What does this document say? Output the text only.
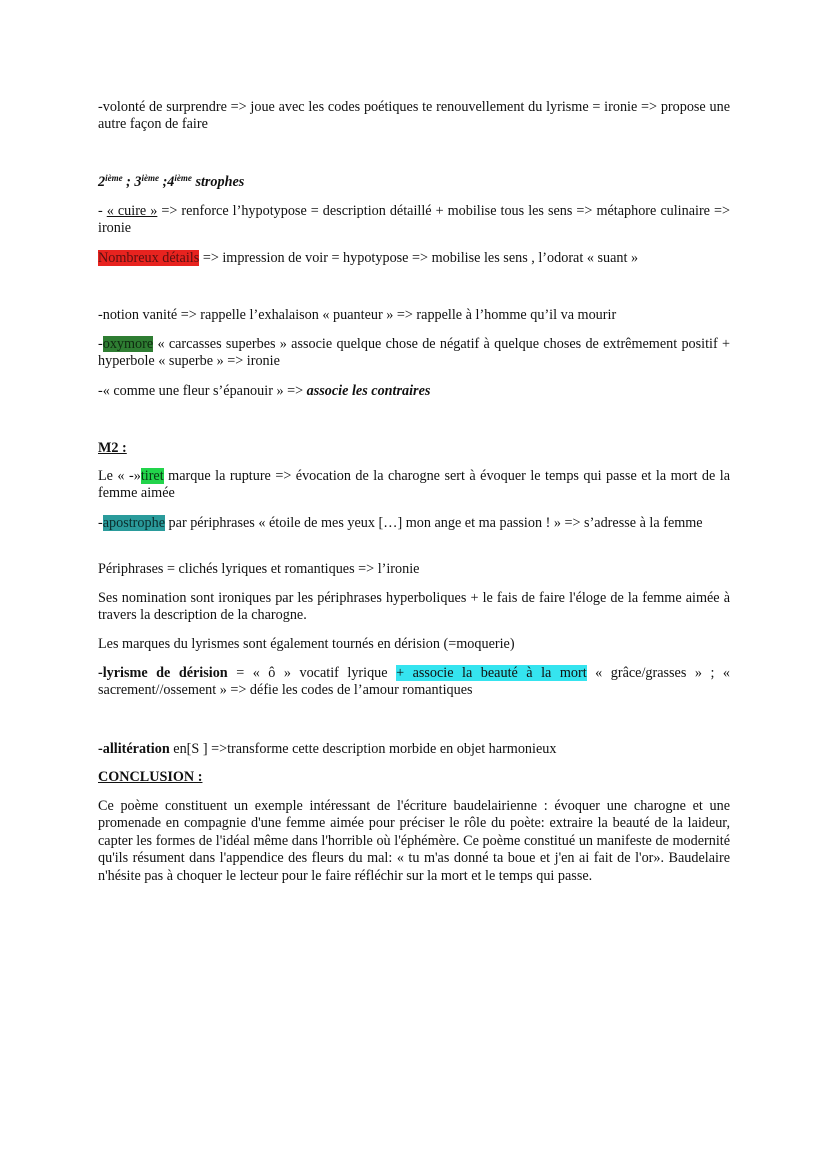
-volonté de surprendre => joue avec les codes poétiques te renouvellement du lyrisme = ironie => propose une autre façon de faire

2ième ; 3ième ;4ième strophes

- « cuire » => renforce l’hypotypose = description détaillé + mobilise tous les sens => métaphore culinaire => ironie

Nombreux détails => impression de voir = hypotypose => mobilise les sens , l’odorat « suant »

-notion vanité => rappelle l’exhalaison « puanteur » => rappelle à l’homme qu’il va mourir

-oxymore « carcasses superbes » associe quelque chose de négatif à quelque choses de extrêmement positif + hyperbole « superbe » => ironie

-« comme une fleur s’épanouir » => associe les contraires

M2 :

Le « -»tiret marque la rupture => évocation de la charogne sert à évoquer le temps qui passe et la mort de la femme aimée

-apostrophe par périphrases « étoile de mes yeux […] mon ange et ma passion ! » => s’adresse à la femme

Périphrases = clichés lyriques et romantiques => l’ironie

Ses nomination sont ironiques par les périphrases hyperboliques + le fais de faire l'éloge de la femme aimée à travers la description de la charogne.

Les marques du lyrismes sont également tournés en dérision (=moquerie)

-lyrisme de dérision = « ô » vocatif lyrique + associe la beauté à la mort « grâce/grasses » ; « sacrement//ossement » => défie les codes de l’amour romantiques

-allitération en[S ] =>transforme cette description morbide en objet harmonieux

CONCLUSION :

Ce poème constituent un exemple intéressant de l'écriture baudelairienne : évoquer une charogne et une promenade en compagnie d'une femme aimée pour préciser le rôle du poète: extraire la beauté de la laideur, capter les formes de l'idéal même dans l'horrible où l'éphémère. Ce poème constitué un manifeste de modernité qu'ils résument dans l'appendice des fleurs du mal: « tu m'as donné ta boue et j'en ai fait de l'or». Baudelaire n'hésite pas à choquer le lecteur pour le faire réfléchir sur la mort et le temps qui passe.
